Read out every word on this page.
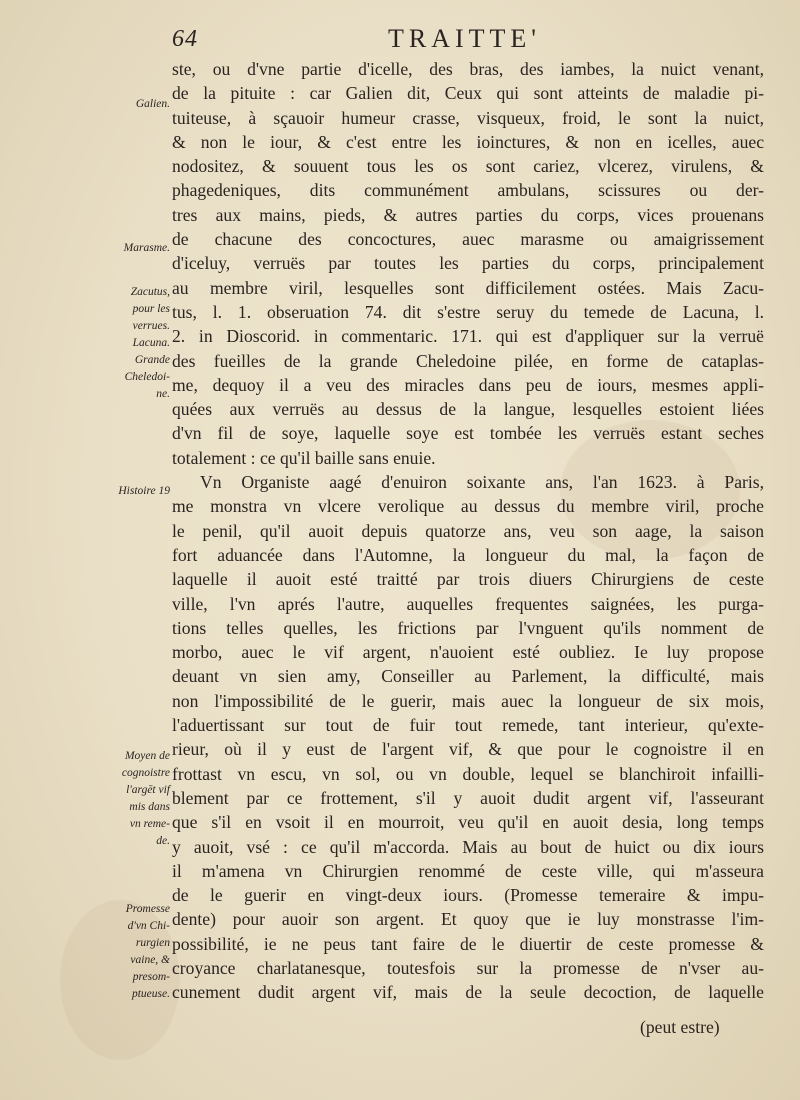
64	TRAITTE'
Galien.
Marasme.
Zacutus,
pour les
verrues.
Lacuna.
Grande
Cheledoi-
ne.
Histoire 19
Moyen de
cognoistre
l'argēt vif
mis dans
vn reme-
de.
Promesse
d'vn Chi-
rurgien
vaine, &
presom-
ptueuse.
ste, ou d'vne partie d'icelle, des bras, des iambes, la nuict venant,
de la pituite : car Galien dit, Ceux qui sont atteints de maladie pi-
tuiteuse, à sçauoir humeur crasse, visqueux, froid, le sont la nuict,
& non le iour, & c'est entre les ioinctures, & non en icelles, auec
nodositez, & souuent tous les os sont cariez, vlcerez, virulens, &
phagedeniques, dits communément ambulans, scissures ou der-
tres aux mains, pieds, & autres parties du corps, vices prouenans
de chacune des concoctures, auec marasme ou amaigrissement
d'iceluy, verruës par toutes les parties du corps, principalement
au membre viril, lesquelles sont difficilement ostées. Mais Zacu-
tus, l. 1. obseruation 74. dit s'estre seruy du temede de Lacuna, l.
2. in Dioscorid. in commentaric. 171. qui est d'appliquer sur la verruë
des fueilles de la grande Cheledoine pilée, en forme de cataplas-
me, dequoy il a veu des miracles dans peu de iours, mesmes appli-
quées aux verruës au dessus de la langue, lesquelles estoient liées
d'vn fil de soye, laquelle soye est tombée les verruës estant seches
totalement : ce qu'il baille sans enuie.
Vn Organiste aagé d'enuiron soixante ans, l'an 1623. à Paris,
me monstra vn vlcere verolique au dessus du membre viril, proche
le penil, qu'il auoit depuis quatorze ans, veu son aage, la saison
fort aduancée dans l'Automne, la longueur du mal, la façon de
laquelle il auoit esté traitté par trois diuers Chirurgiens de ceste
ville, l'vn aprés l'autre, auquelles frequentes saignées, les purga-
tions telles quelles, les frictions par l'vnguent qu'ils nomment de
morbo, auec le vif argent, n'auoient esté oubliez. Ie luy propose
deuant vn sien amy, Conseiller au Parlement, la difficulté, mais
non l'impossibilité de le guerir, mais auec la longueur de six mois,
l'aduertissant sur tout de fuir tout remede, tant interieur, qu'exte-
rieur, où il y eust de l'argent vif, & que pour le cognoistre il en
frottast vn escu, vn sol, ou vn double, lequel se blanchiroit infailli-
blement par ce frottement, s'il y auoit dudit argent vif, l'asseurant
que s'il en vsoit il en mourroit, veu qu'il en auoit desia, long temps
y auoit, vsé : ce qu'il m'accorda. Mais au bout de huict ou dix iours
il m'amena vn Chirurgien renommé de ceste ville, qui m'asseura
de le guerir en vingt-deux iours. (Promesse temeraire & impu-
dente) pour auoir son argent. Et quoy que ie luy monstrasse l'im-
possibilité, ie ne peus tant faire de le diuertir de ceste promesse &
croyance charlatanesque, toutesfois sur la promesse de n'vser au-
cunement dudit argent vif, mais de la seule decoction, de laquelle
(peut estre)
